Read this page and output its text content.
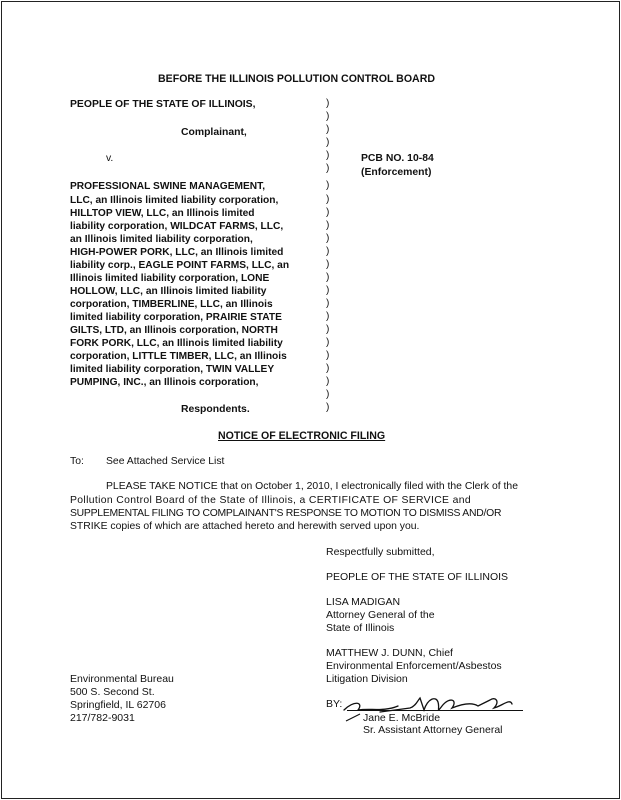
BEFORE THE ILLINOIS POLLUTION CONTROL BOARD
PEOPLE OF THE STATE OF ILLINOIS,
Complainant,
v.	PCB NO. 10-84
(Enforcement)
PROFESSIONAL SWINE MANAGEMENT,
LLC, an Illinois limited liability corporation,
HILLTOP VIEW, LLC, an Illinois limited
liability corporation, WILDCAT FARMS, LLC,
an Illinois limited liability corporation,
HIGH-POWER PORK, LLC, an Illinois limited
liability corp., EAGLE POINT FARMS, LLC, an
Illinois limited liability corporation, LONE
HOLLOW, LLC, an Illinois limited liability
corporation, TIMBERLINE, LLC, an Illinois
limited liability corporation, PRAIRIE STATE
GILTS, LTD, an Illinois corporation, NORTH
FORK PORK, LLC, an Illinois limited liability
corporation, LITTLE TIMBER, LLC, an Illinois
limited liability corporation, TWIN VALLEY
PUMPING, INC., an Illinois corporation,
Respondents.
)
)
)
)
)
)
)
)
)
)
)
)
)
)
)
)
)
)
)
)
)
)
)
)
NOTICE OF ELECTRONIC FILING
To: See Attached Service List
PLEASE TAKE NOTICE that on October 1, 2010, I electronically filed with the Clerk of the
Pollution Control Board of the State of Illinois, a CERTIFICATE OF SERVICE and
SUPPLEMENTAL FILING TO COMPLAINANT'S RESPONSE TO MOTION TO DISMISS AND/OR
STRIKE copies of which are attached hereto and herewith served upon you.
Respectfully submitted,
PEOPLE OF THE STATE OF ILLINOIS
LISA MADIGAN
Attorney General of the
State of Illinois
MATTHEW J. DUNN, Chief
Environmental Enforcement/Asbestos
Litigation Division
Environmental Bureau
500 S. Second St.
Springfield, IL 62706
217/782-9031
BY:
Jane E. McBride
Sr. Assistant Attorney General
